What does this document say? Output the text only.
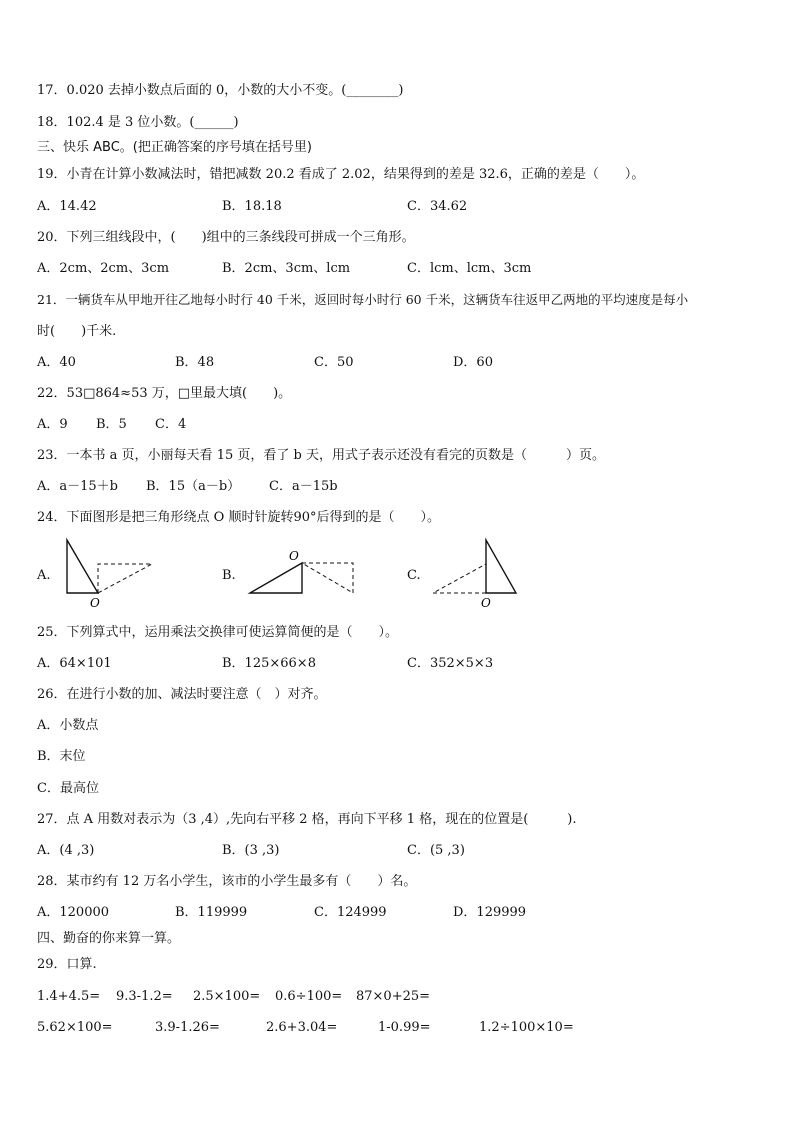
17．0.020 去掉小数点后面的 0，小数的大小不变。(________)
18．102.4 是 3 位小数。(______)
三、快乐 ABC。(把正确答案的序号填在括号里)
19．小青在计算小数减法时，错把减数 20.2 看成了 2.02，结果得到的差是 32.6，正确的差是（　　）。
A．14.42	B．18.18	C．34.62
20．下列三组线段中，(　　)组中的三条线段可拼成一个三角形。
A．2cm、2cm、3cm	B．2cm、3cm、lcm	C．lcm、lcm、3cm
21．一辆货车从甲地开往乙地每小时行 40 千米，返回时每小时行 60 千米，这辆货车往返甲乙两地的平均速度是每小
时(　　)千米.
A．40	B．48	C．50	D．60
22．53□864≈53 万，□里最大填(　　)。
A．9 B．5 C．4
23．一本书 a 页，小丽每天看 15 页，看了 b 天，用式子表示还没有看完的页数是（　　　）页。
A．a－15＋b B．15（a－b） C．a－15b
24．下面图形是把三角形绕点 O 顺时针旋转90°后得到的是（　　）。
A.
O
B.
O
C.
O
25．下列算式中，运用乘法交换律可使运算简便的是（　　）。
A．64×101	B．125×66×8	C．352×5×3
26．在进行小数的加、减法时要注意（　）对齐。
A．小数点
B．末位
C．最高位
27．点 A 用数对表示为（3 ,4）,先向右平移 2 格，再向下平移 1 格，现在的位置是(　　　).
A．(4 ,3)	B．(3 ,3)	C．(5 ,3)
28．某市约有 12 万名小学生，该市的小学生最多有（　　）名。
A．120000	B．119999	C．124999	D．129999
四、勤奋的你来算一算。
29．口算.
1.4+4.5= 9.3-1.2= 2.5×100= 0.6÷100= 87×0+25=
5.62×100=	3.9-1.26=	2.6+3.04=	1-0.99=	1.2÷100×10=
